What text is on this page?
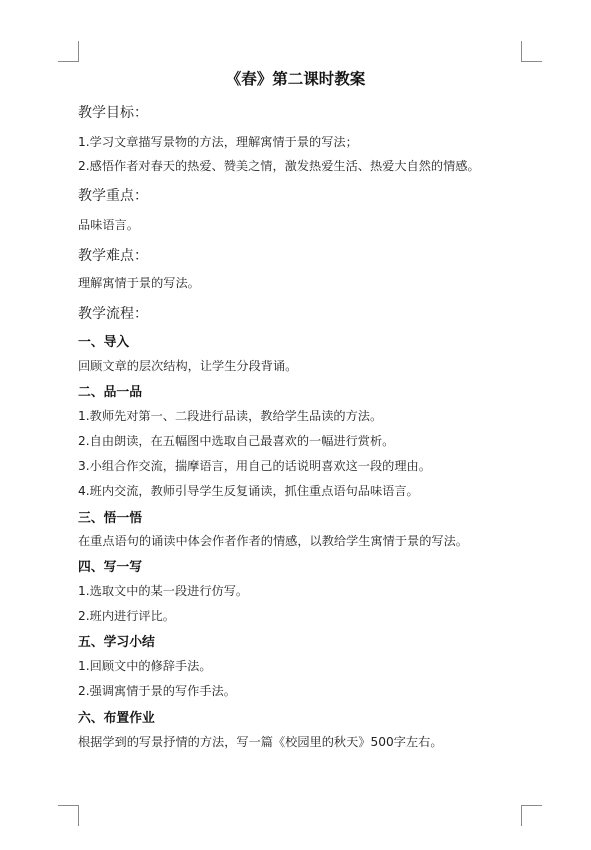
《春》第二课时教案
教学目标：
1.学习文章描写景物的方法，理解寓情于景的写法；
2.感悟作者对春天的热爱、赞美之情，激发热爱生活、热爱大自然的情感。
教学重点：
品味语言。
教学难点：
理解寓情于景的写法。
教学流程：
一、导入
回顾文章的层次结构，让学生分段背诵。
二、品一品
1.教师先对第一、二段进行品读，教给学生品读的方法。
2.自由朗读，在五幅图中选取自己最喜欢的一幅进行赏析。
3.小组合作交流，揣摩语言，用自己的话说明喜欢这一段的理由。
4.班内交流，教师引导学生反复诵读，抓住重点语句品味语言。
三、悟一悟
在重点语句的诵读中体会作者作者的情感，以教给学生寓情于景的写法。
四、写一写
1.选取文中的某一段进行仿写。
2.班内进行评比。
五、学习小结
1.回顾文中的修辞手法。
2.强调寓情于景的写作手法。
六、布置作业
根据学到的写景抒情的方法，写一篇《校园里的秋天》500字左右。
